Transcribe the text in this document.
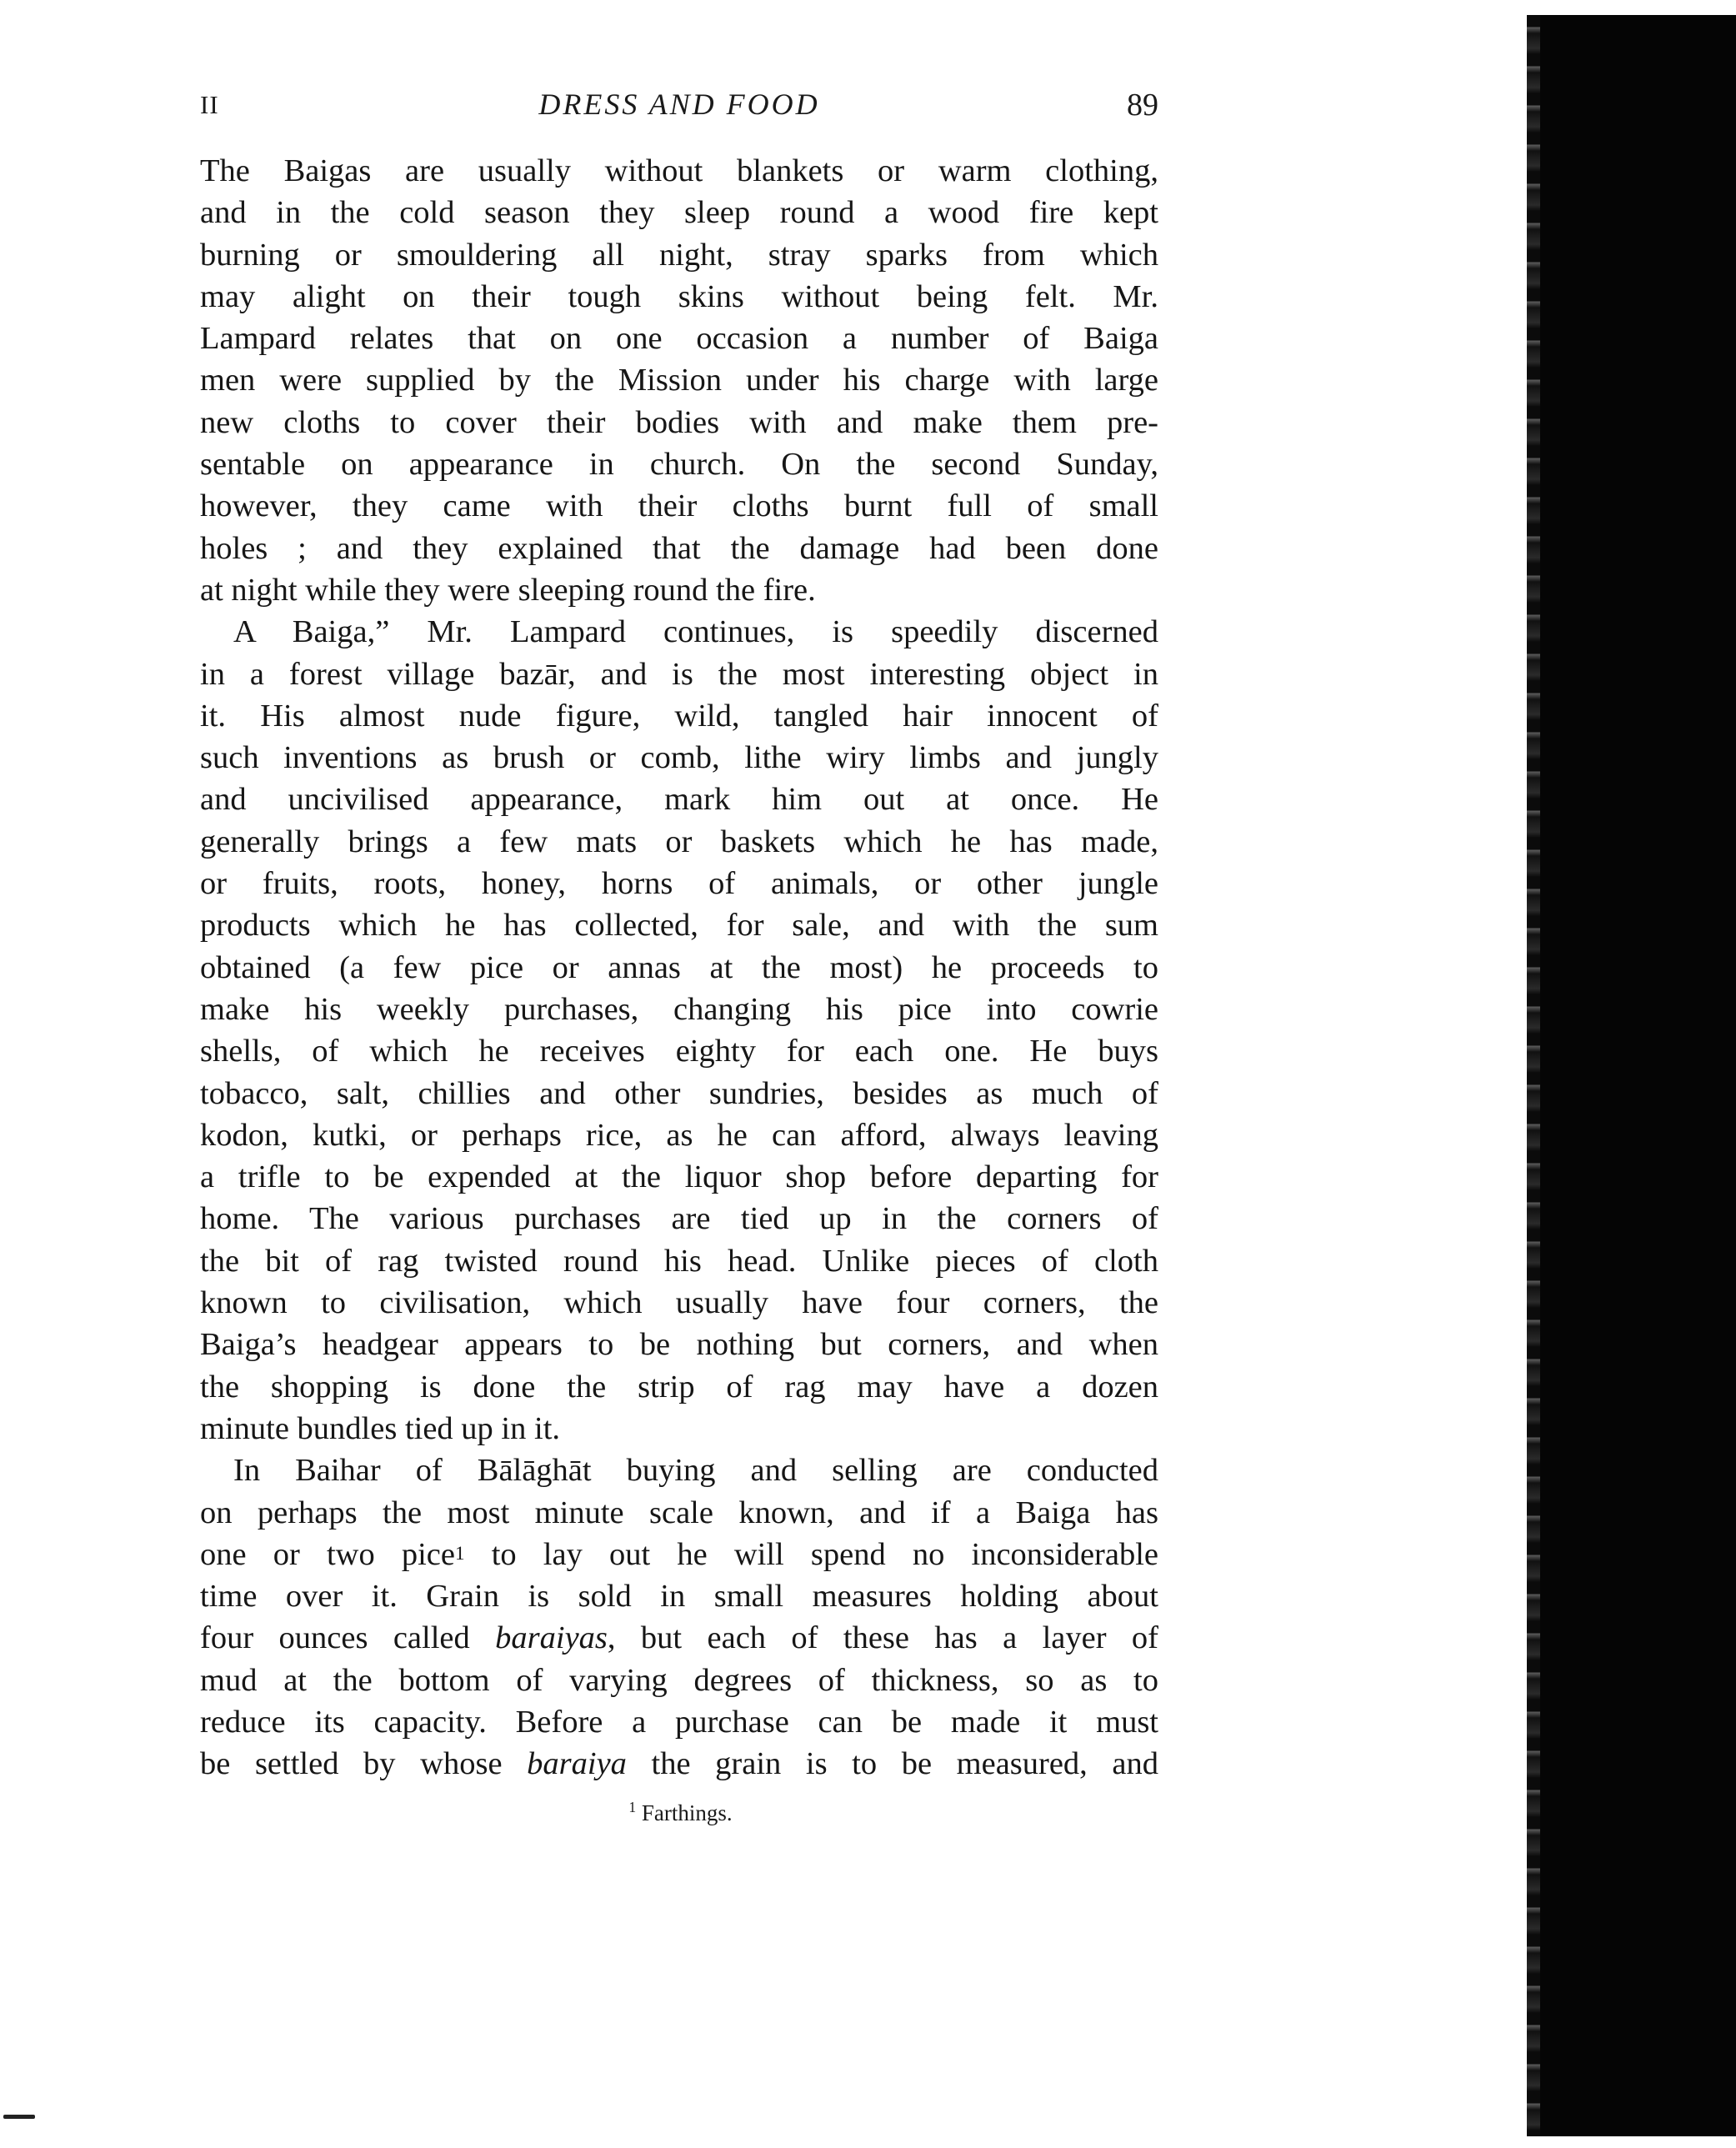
II	DRESS AND FOOD	89
The Baigas are usually without blankets or warm clothing,
and in the cold season they sleep round a wood fire kept
burning or smouldering all night, stray sparks from which
may alight on their tough skins without being felt. Mr.
Lampard relates that on one occasion a number of Baiga
men were supplied by the Mission under his charge with large
new cloths to cover their bodies with and make them pre-
sentable on appearance in church. On the second Sunday,
however, they came with their cloths burnt full of small
holes ; and they explained that the damage had been done
at night while they were sleeping round the fire.
A Baiga,” Mr. Lampard continues, is speedily discerned
in a forest village bazār, and is the most interesting object in
it. His almost nude figure, wild, tangled hair innocent of
such inventions as brush or comb, lithe wiry limbs and jungly
and uncivilised appearance, mark him out at once. He
generally brings a few mats or baskets which he has made,
or fruits, roots, honey, horns of animals, or other jungle
products which he has collected, for sale, and with the sum
obtained (a few pice or annas at the most) he proceeds to
make his weekly purchases, changing his pice into cowrie
shells, of which he receives eighty for each one. He buys
tobacco, salt, chillies and other sundries, besides as much of
kodon, kutki, or perhaps rice, as he can afford, always leaving
a trifle to be expended at the liquor shop before departing for
home. The various purchases are tied up in the corners of
the bit of rag twisted round his head. Unlike pieces of cloth
known to civilisation, which usually have four corners, the
Baiga’s headgear appears to be nothing but corners, and when
the shopping is done the strip of rag may have a dozen
minute bundles tied up in it.
In Baihar of Bālāghāt buying and selling are conducted
on perhaps the most minute scale known, and if a Baiga has
one or two pice$^1$ to lay out he will spend no inconsiderable
time over it. Grain is sold in small measures holding about
four ounces called baraiyas, but each of these has a layer of
mud at the bottom of varying degrees of thickness, so as to
reduce its capacity. Before a purchase can be made it must
be settled by whose baraiya the grain is to be measured, and
$^1$ Farthings.
